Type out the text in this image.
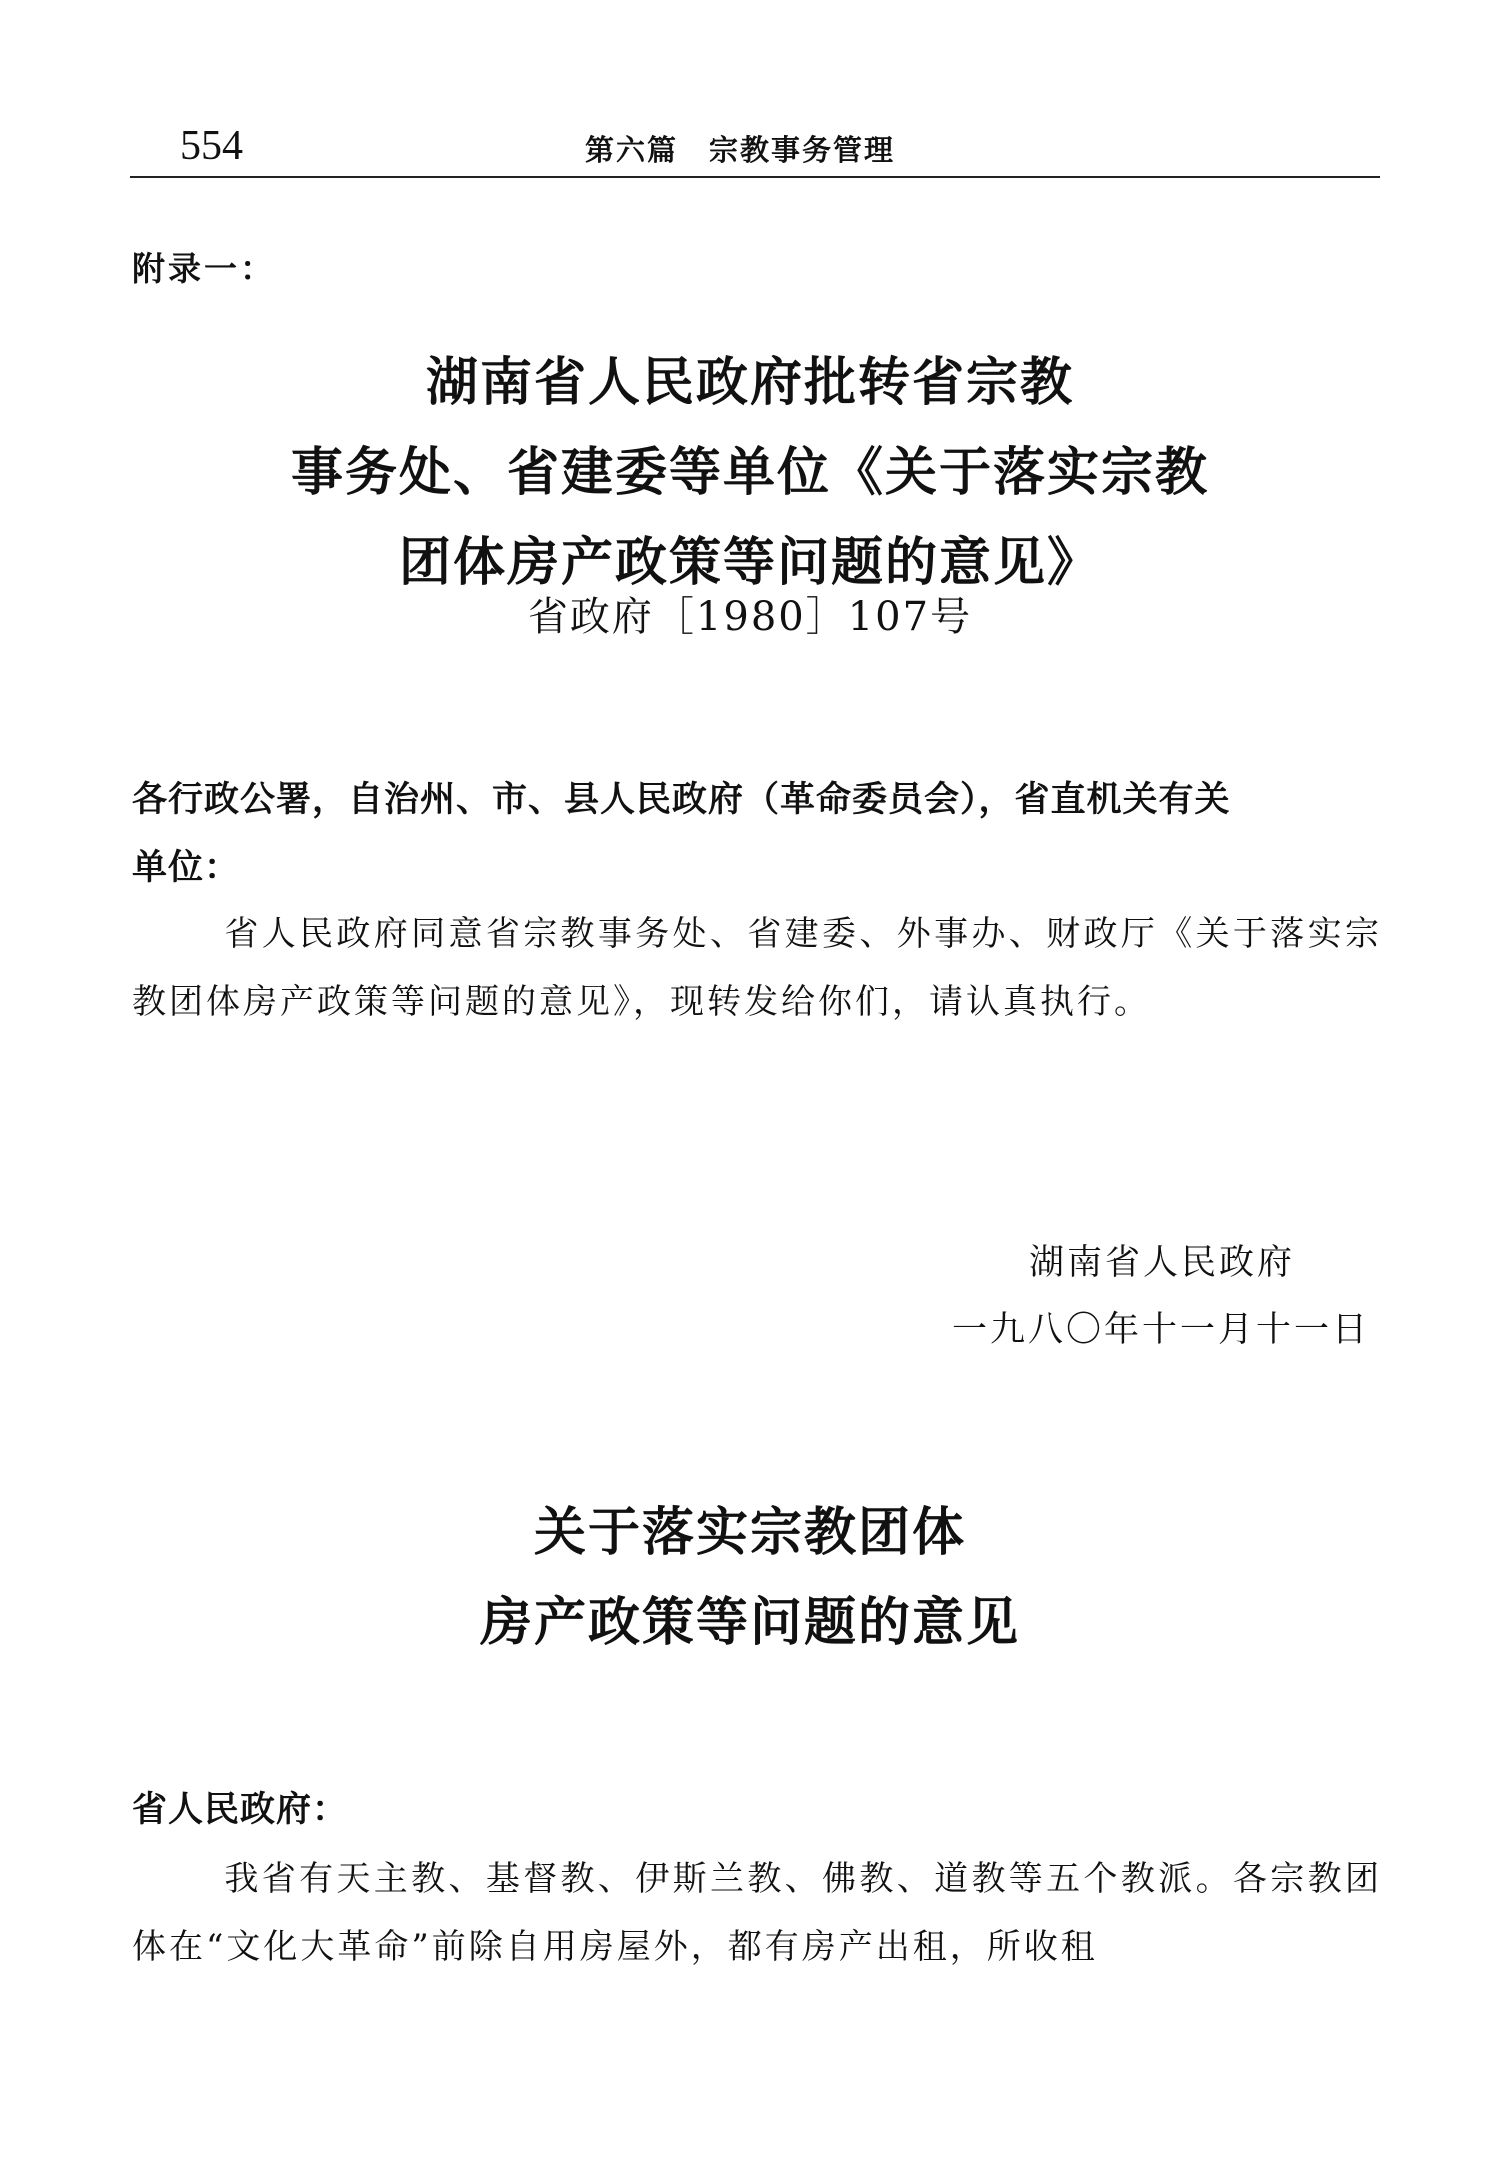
554	第六篇　宗教事务管理
附录一：
湖南省人民政府批转省宗教
事务处、省建委等单位《关于落实宗教
团体房产政策等问题的意见》
省政府［1980］107号
各行政公署，自治州、市、县人民政府（革命委员会），省直机关有关
单位：
省人民政府同意省宗教事务处、省建委、外事办、财政厅《关于落实宗教团体房产政策等问题的意见》，现转发给你们，请认真执行。
湖南省人民政府
一九八〇年十一月十一日
关于落实宗教团体
房产政策等问题的意见
省人民政府：
我省有天主教、基督教、伊斯兰教、佛教、道教等五个教派。各宗教团体在“文化大革命”前除自用房屋外，都有房产出租，所收租
